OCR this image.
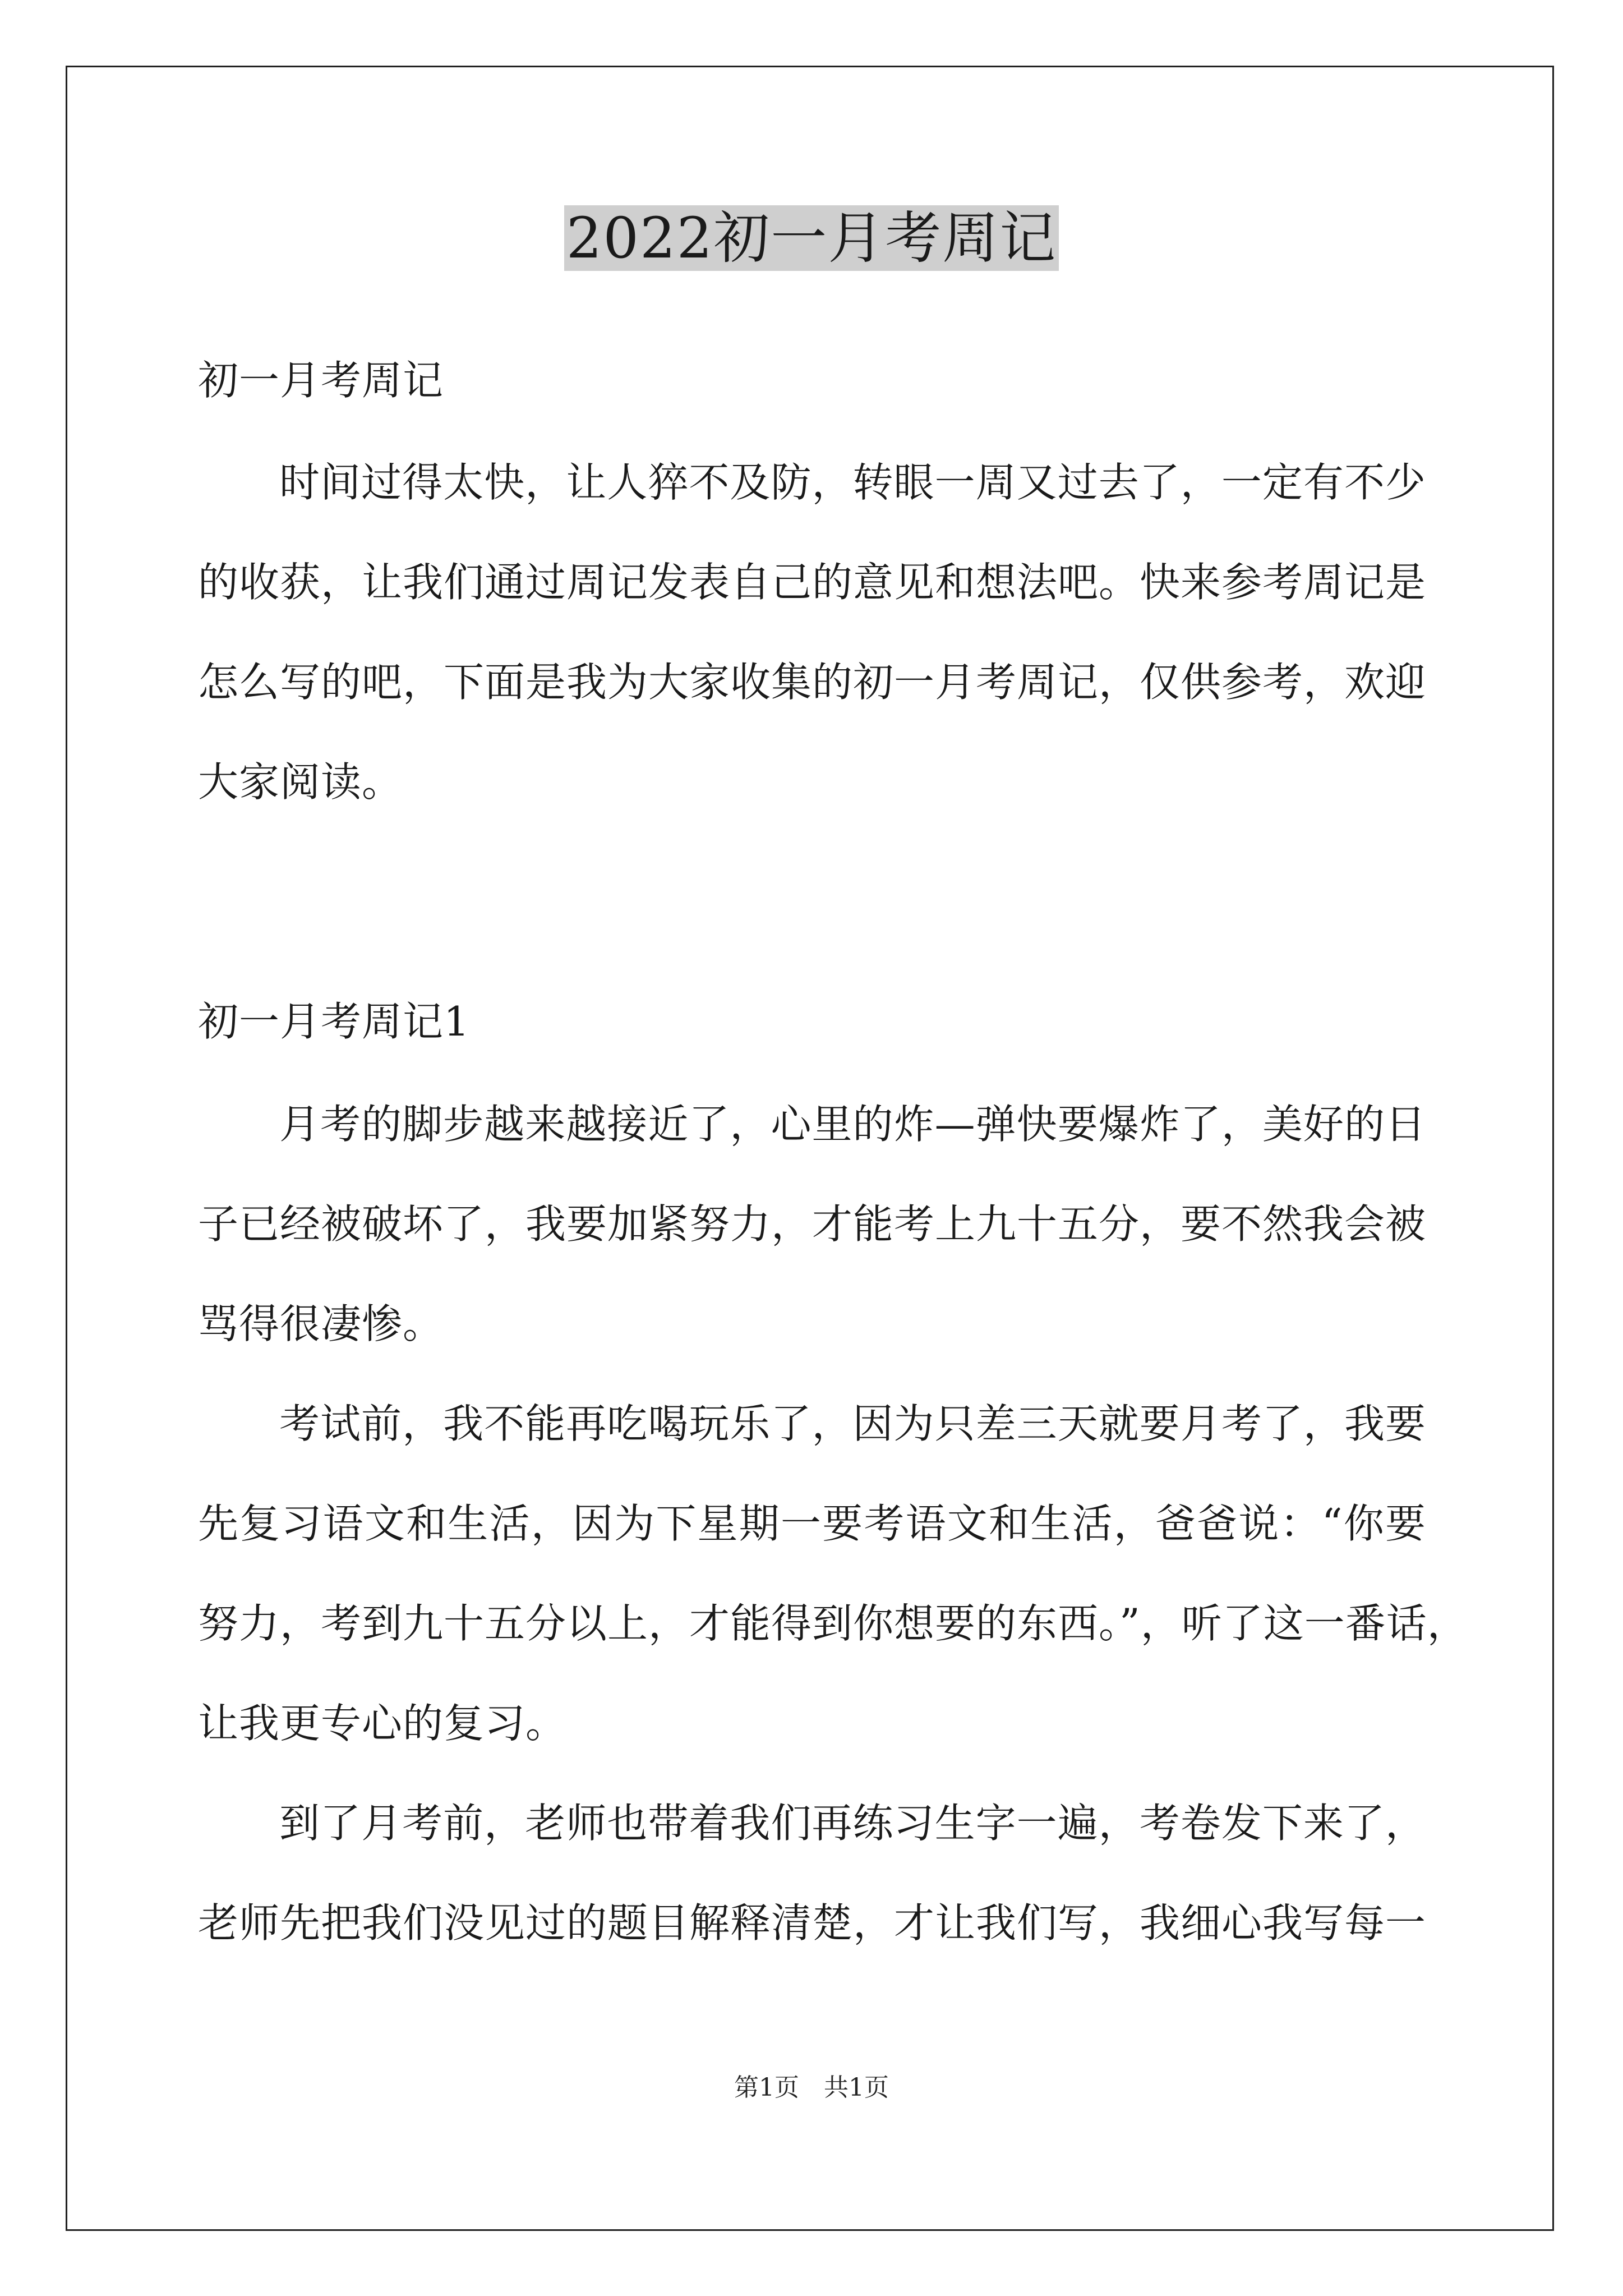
2022初一月考周记
初一月考周记
时间过得太快，让人猝不及防，转眼一周又过去了，一定有不少
的收获，让我们通过周记发表自己的意见和想法吧。快来参考周记是
怎么写的吧，下面是我为大家收集的初一月考周记，仅供参考，欢迎
大家阅读。
初一月考周记1
月考的脚步越来越接近了，心里的炸—弹快要爆炸了，美好的日
子已经被破坏了，我要加紧努力，才能考上九十五分，要不然我会被
骂得很凄惨。
考试前，我不能再吃喝玩乐了，因为只差三天就要月考了，我要
先复习语文和生活，因为下星期一要考语文和生活，爸爸说：“你要
努力，考到九十五分以上，才能得到你想要的东西。”，听了这一番话，
让我更专心的复习。
到了月考前，老师也带着我们再练习生字一遍，考卷发下来了，
老师先把我们没见过的题目解释清楚，才让我们写，我细心我写每一
第1页　共1页
